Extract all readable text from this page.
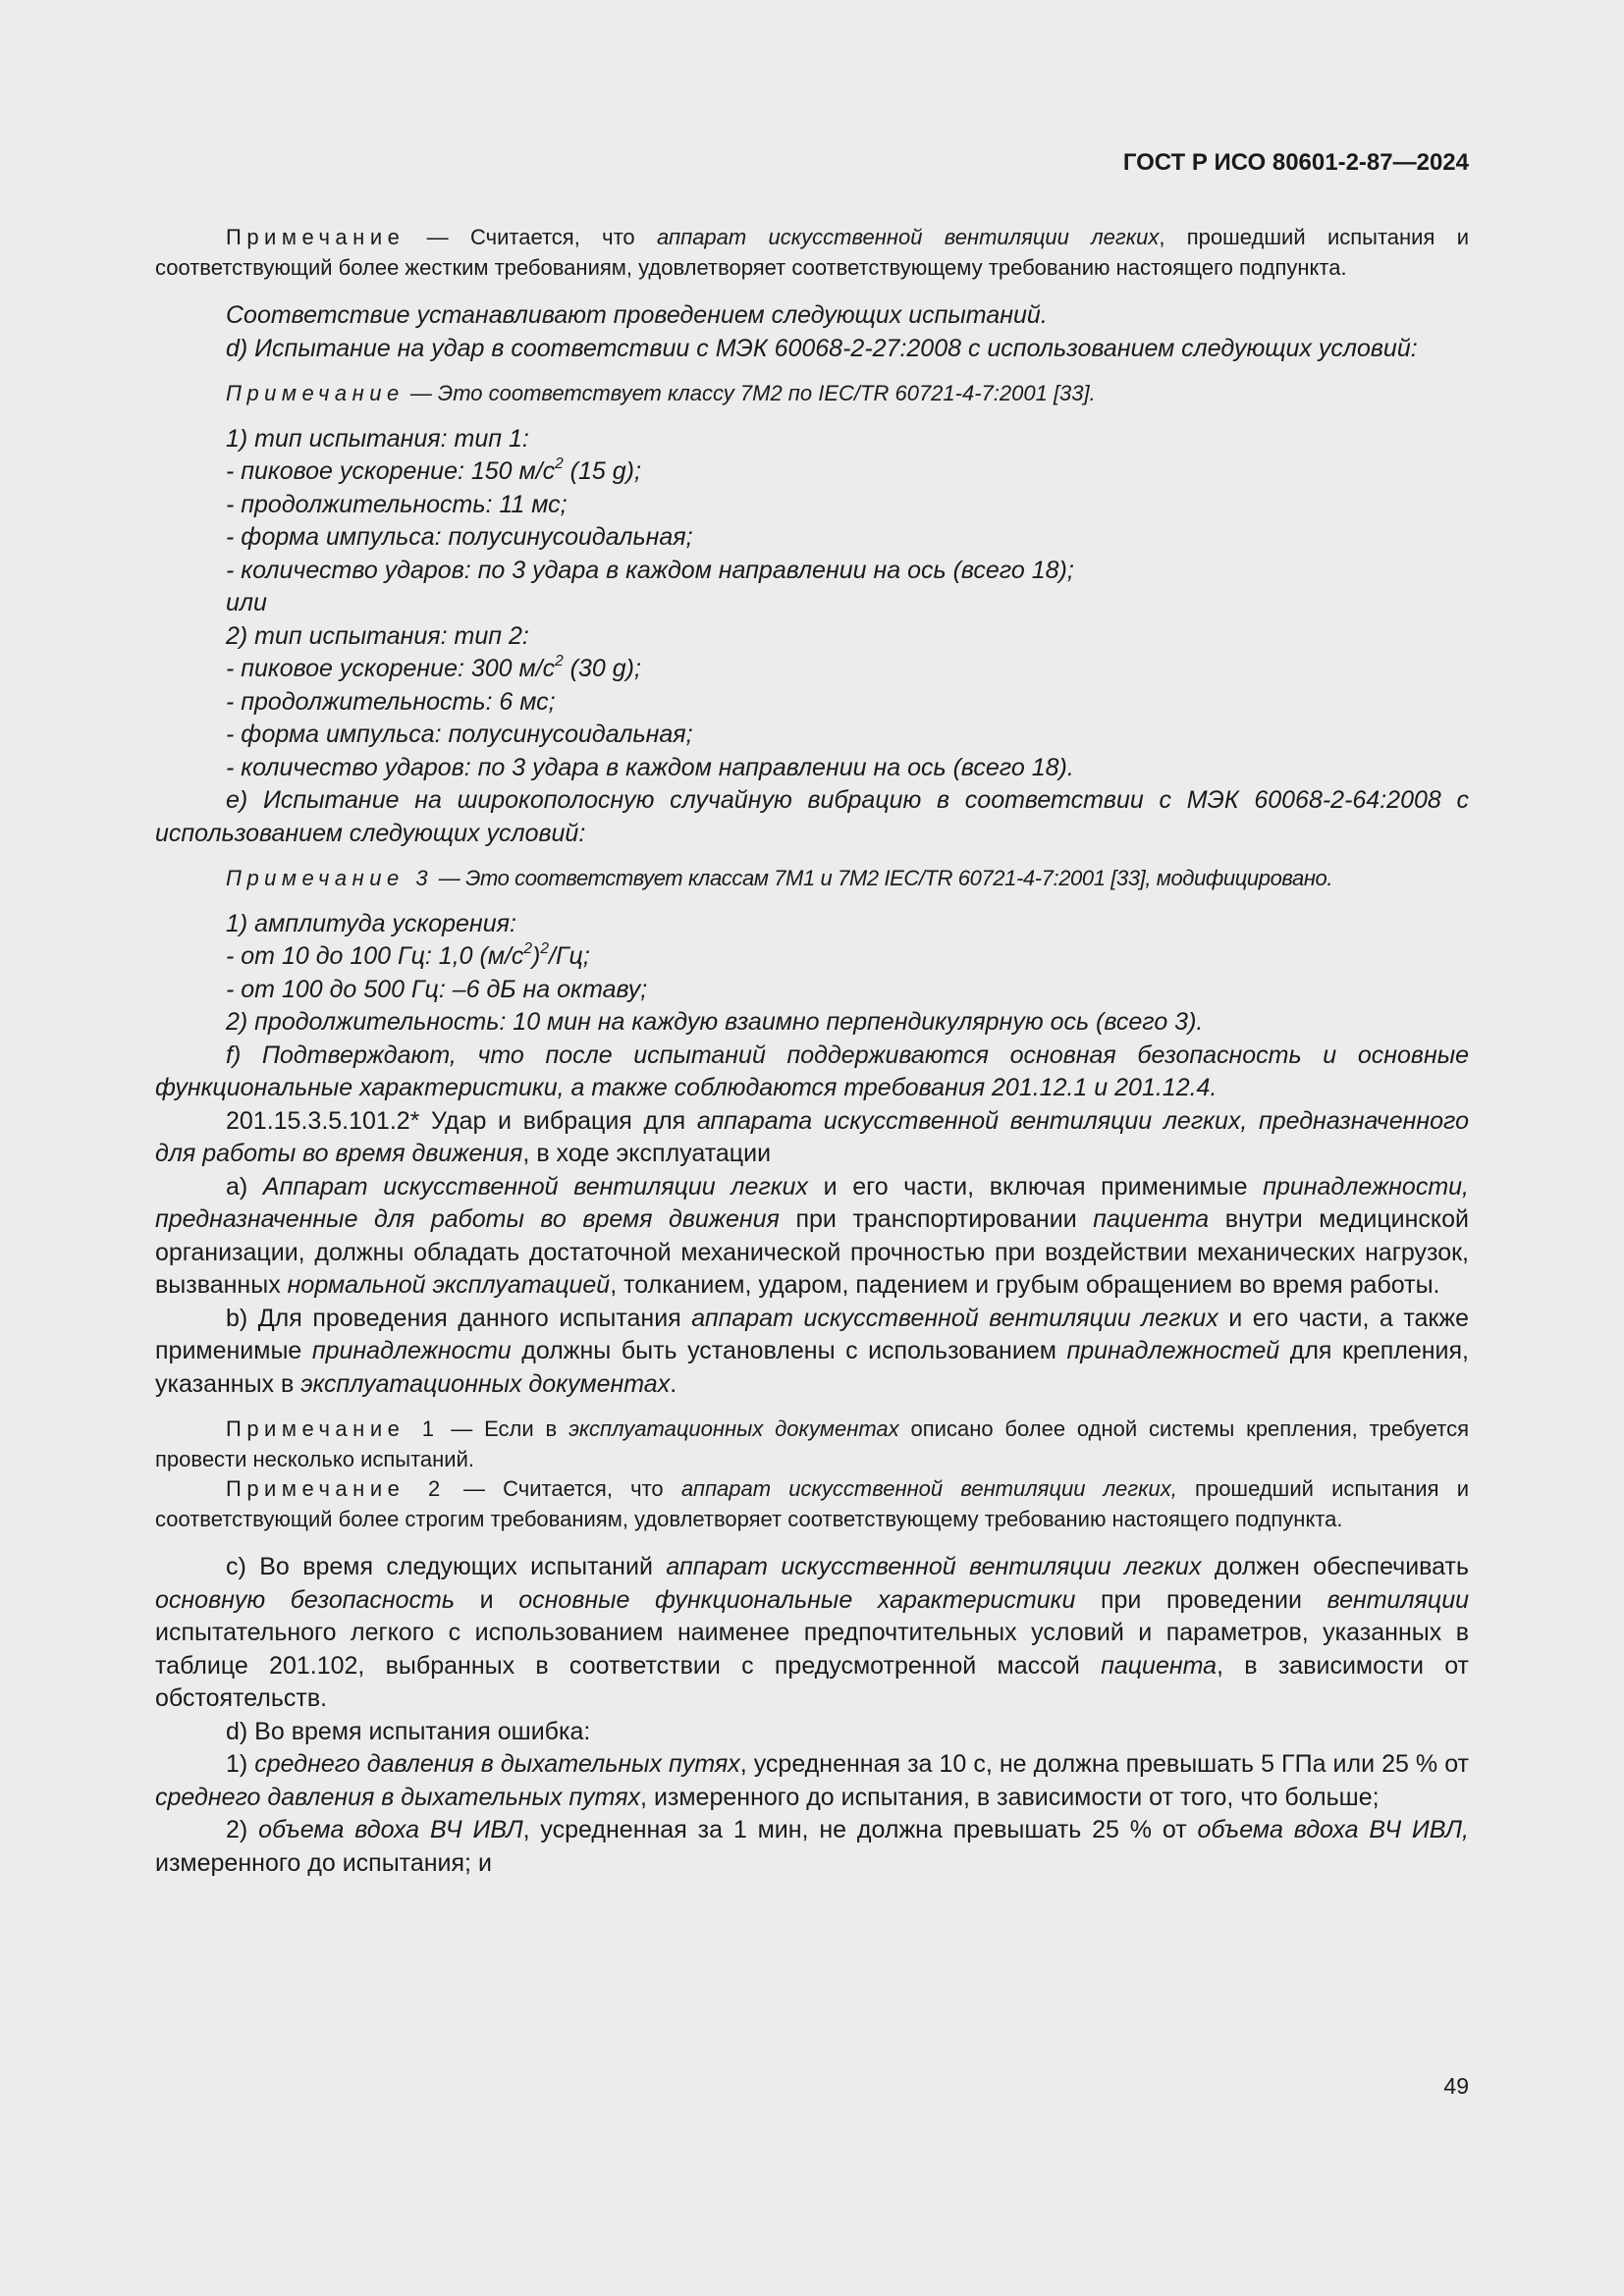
ГОСТ Р ИСО 80601-2-87—2024

Примечание — Считается, что аппарат искусственной вентиляции легких, прошедший испытания и соответствующий более жестким требованиям, удовлетворяет соответствующему требованию настоящего подпункта.

Соответствие устанавливают проведением следующих испытаний.

d) Испытание на удар в соответствии с МЭК 60068-2-27:2008 с использованием следующих условий:

Примечание — Это соответствует классу 7М2 по IEC/TR 60721-4-7:2001 [33].

1) тип испытания: тип 1:

- пиковое ускорение: 150 $м/с^2$ (15 g);

- продолжительность: 11 мс;

- форма импульса: полусинусоидальная;

- количество ударов: по 3 удара в каждом направлении на ось (всего 18);

или

2) тип испытания: тип 2:

- пиковое ускорение: 300 $м/с^2$ (30 g);

- продолжительность: 6 мс;

- форма импульса: полусинусоидальная;

- количество ударов: по 3 удара в каждом направлении на ось (всего 18).

е) Испытание на широкополосную случайную вибрацию в соответствии с МЭК 60068-2-64:2008 с использованием следующих условий:

Примечание 3 — Это соответствует классам 7М1 и 7М2 IEC/TR 60721-4-7:2001 [33], модифицировано.

1) амплитуда ускорения:

- от 10 до 100 Гц: 1,0 $(м/с^2)^2/Гц$;

- от 100 до 500 Гц: –6 дБ на октаву;

2) продолжительность: 10 мин на каждую взаимно перпендикулярную ось (всего 3).

f) Подтверждают, что после испытаний поддерживаются основная безопасность и основные функциональные характеристики, а также соблюдаются требования 201.12.1 и 201.12.4.

201.15.3.5.101.2* Удар и вибрация для аппарата искусственной вентиляции легких, предназначенного для работы во время движения, в ходе эксплуатации

a) Аппарат искусственной вентиляции легких и его части, включая применимые принадлежности, предназначенные для работы во время движения при транспортировании пациента внутри медицинской организации, должны обладать достаточной механической прочностью при воздействии механических нагрузок, вызванных нормальной эксплуатацией, толканием, ударом, падением и грубым обращением во время работы.

b) Для проведения данного испытания аппарат искусственной вентиляции легких и его части, а также применимые принадлежности должны быть установлены с использованием принадлежностей для крепления, указанных в эксплуатационных документах.

Примечание 1 — Если в эксплуатационных документах описано более одной системы крепления, требуется провести несколько испытаний.

Примечание 2 — Считается, что аппарат искусственной вентиляции легких, прошедший испытания и соответствующий более строгим требованиям, удовлетворяет соответствующему требованию настоящего подпункта.

c) Во время следующих испытаний аппарат искусственной вентиляции легких должен обеспечивать основную безопасность и основные функциональные характеристики при проведении вентиляции испытательного легкого с использованием наименее предпочтительных условий и параметров, указанных в таблице 201.102, выбранных в соответствии с предусмотренной массой пациента, в зависимости от обстоятельств.

d) Во время испытания ошибка:

1) среднего давления в дыхательных путях, усредненная за 10 с, не должна превышать 5 ГПа или 25 % от среднего давления в дыхательных путях, измеренного до испытания, в зависимости от того, что больше;

2) объема вдоха ВЧ ИВЛ, усредненная за 1 мин, не должна превышать 25 % от объема вдоха ВЧ ИВЛ, измеренного до испытания; и

49
